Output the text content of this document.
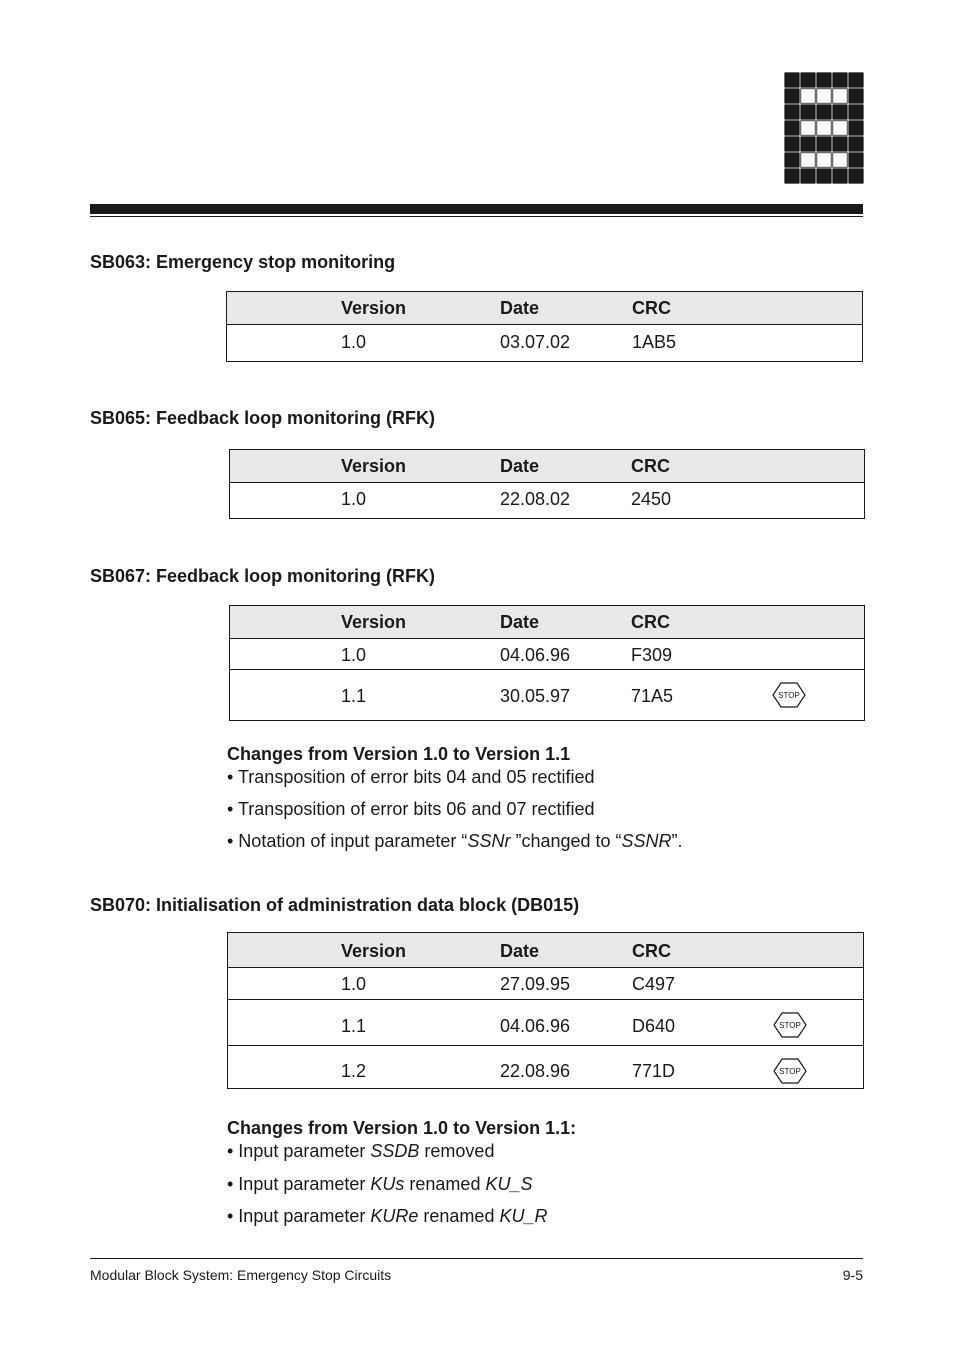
SB063: Emergency stop monitoring
Version	Date	CRC
1.0	03.07.02	1AB5
SB065: Feedback loop monitoring (RFK)
Version	Date	CRC
1.0	22.08.02	2450
SB067: Feedback loop monitoring (RFK)
Version	Date	CRC
1.0	04.06.96	F309
1.1	30.05.97	71A5	STOP
Changes from Version 1.0 to Version 1.1
• Transposition of error bits 04 and 05 rectified
• Transposition of error bits 06 and 07 rectified
• Notation of input parameter “SSNr ”changed to “SSNR”.
SB070: Initialisation of administration data block (DB015)
Version	Date	CRC
1.0	27.09.95	C497
1.1	04.06.96	D640	STOP
1.2	22.08.96	771D	STOP
Changes from Version 1.0 to Version 1.1:
• Input parameter SSDB removed
• Input parameter KUs renamed KU_S
• Input parameter KURe renamed KU_R
Modular Block System: Emergency Stop Circuits	9-5
